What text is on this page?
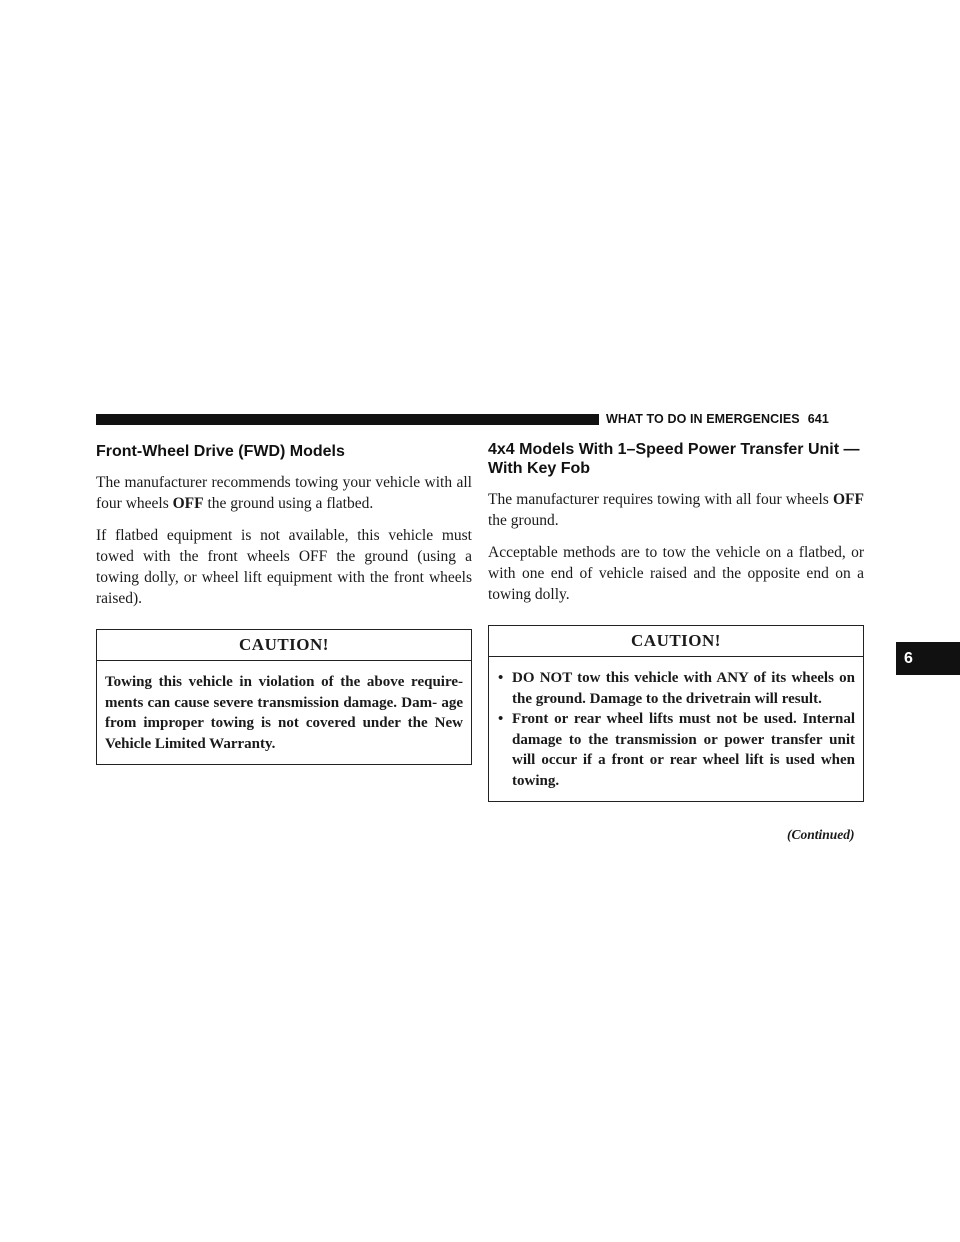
WHAT TO DO IN EMERGENCIES 641
Front-Wheel Drive (FWD) Models

The manufacturer recommends towing your vehicle with all four wheels OFF the ground using a flatbed.

If flatbed equipment is not available, this vehicle must towed with the front wheels OFF the ground (using a towing dolly, or wheel lift equipment with the front wheels raised).

CAUTION!
Towing this vehicle in violation of the above require- ments can cause severe transmission damage. Dam- age from improper towing is not covered under the New Vehicle Limited Warranty.
4x4 Models With 1–Speed Power Transfer Unit — With Key Fob

The manufacturer requires towing with all four wheels OFF the ground.

Acceptable methods are to tow the vehicle on a flatbed, or with one end of vehicle raised and the opposite end on a towing dolly.

CAUTION!
• DO NOT tow this vehicle with ANY of its wheels on the ground. Damage to the drivetrain will result.
• Front or rear wheel lifts must not be used. Internal damage to the transmission or power transfer unit will occur if a front or rear wheel lift is used when towing.
(Continued)
6
